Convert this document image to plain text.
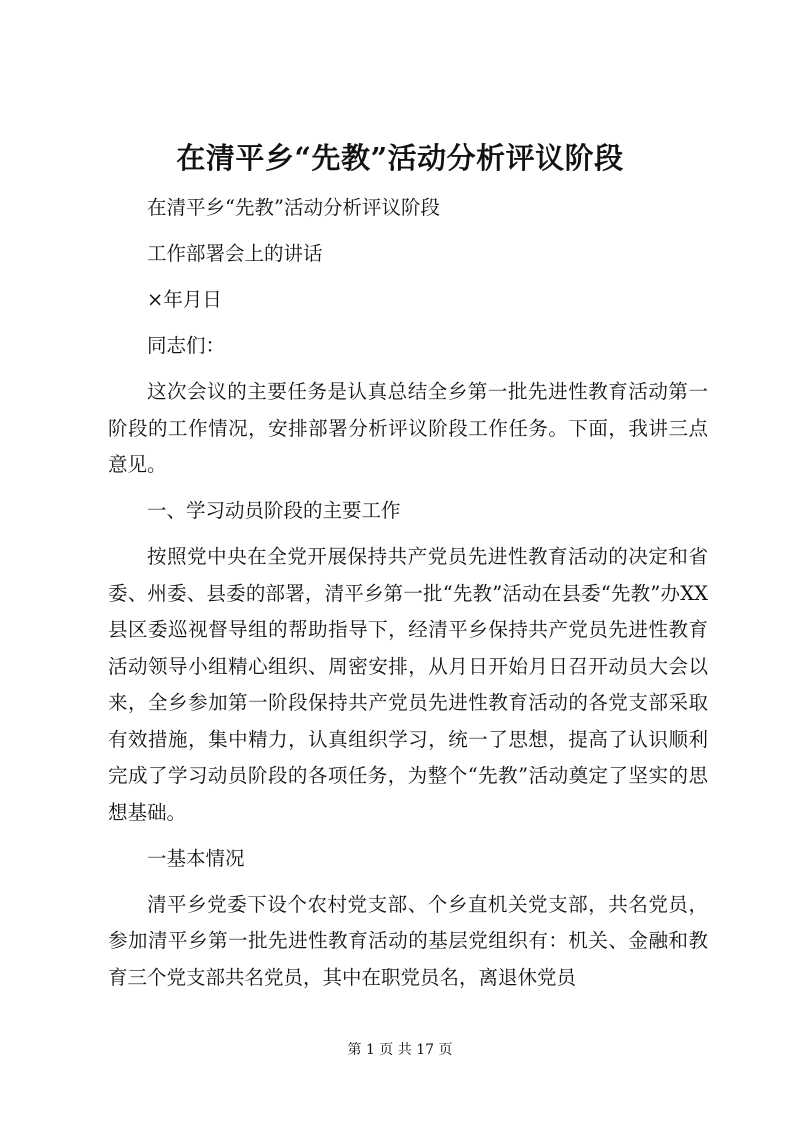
在清平乡“先教”活动分析评议阶段

在清平乡“先教”活动分析评议阶段

工作部署会上的讲话

×年月日

同志们：

这次会议的主要任务是认真总结全乡第一批先进性教育活动第一阶段的工作情况，安排部署分析评议阶段工作任务。下面，我讲三点意见。

一、学习动员阶段的主要工作

按照党中央在全党开展保持共产党员先进性教育活动的决定和省委、州委、县委的部署，清平乡第一批“先教”活动在县委“先教”办XX县区委巡视督导组的帮助指导下，经清平乡保持共产党员先进性教育活动领导小组精心组织、周密安排，从月日开始月日召开动员大会以来，全乡参加第一阶段保持共产党员先进性教育活动的各党支部采取有效措施，集中精力，认真组织学习，统一了思想，提高了认识顺利完成了学习动员阶段的各项任务，为整个“先教”活动奠定了坚实的思想基础。

一基本情况

清平乡党委下设个农村党支部、个乡直机关党支部，共名党员，参加清平乡第一批先进性教育活动的基层党组织有：机关、金融和教育三个党支部共名党员，其中在职党员名，离退休党员

第 1 页 共 17 页
